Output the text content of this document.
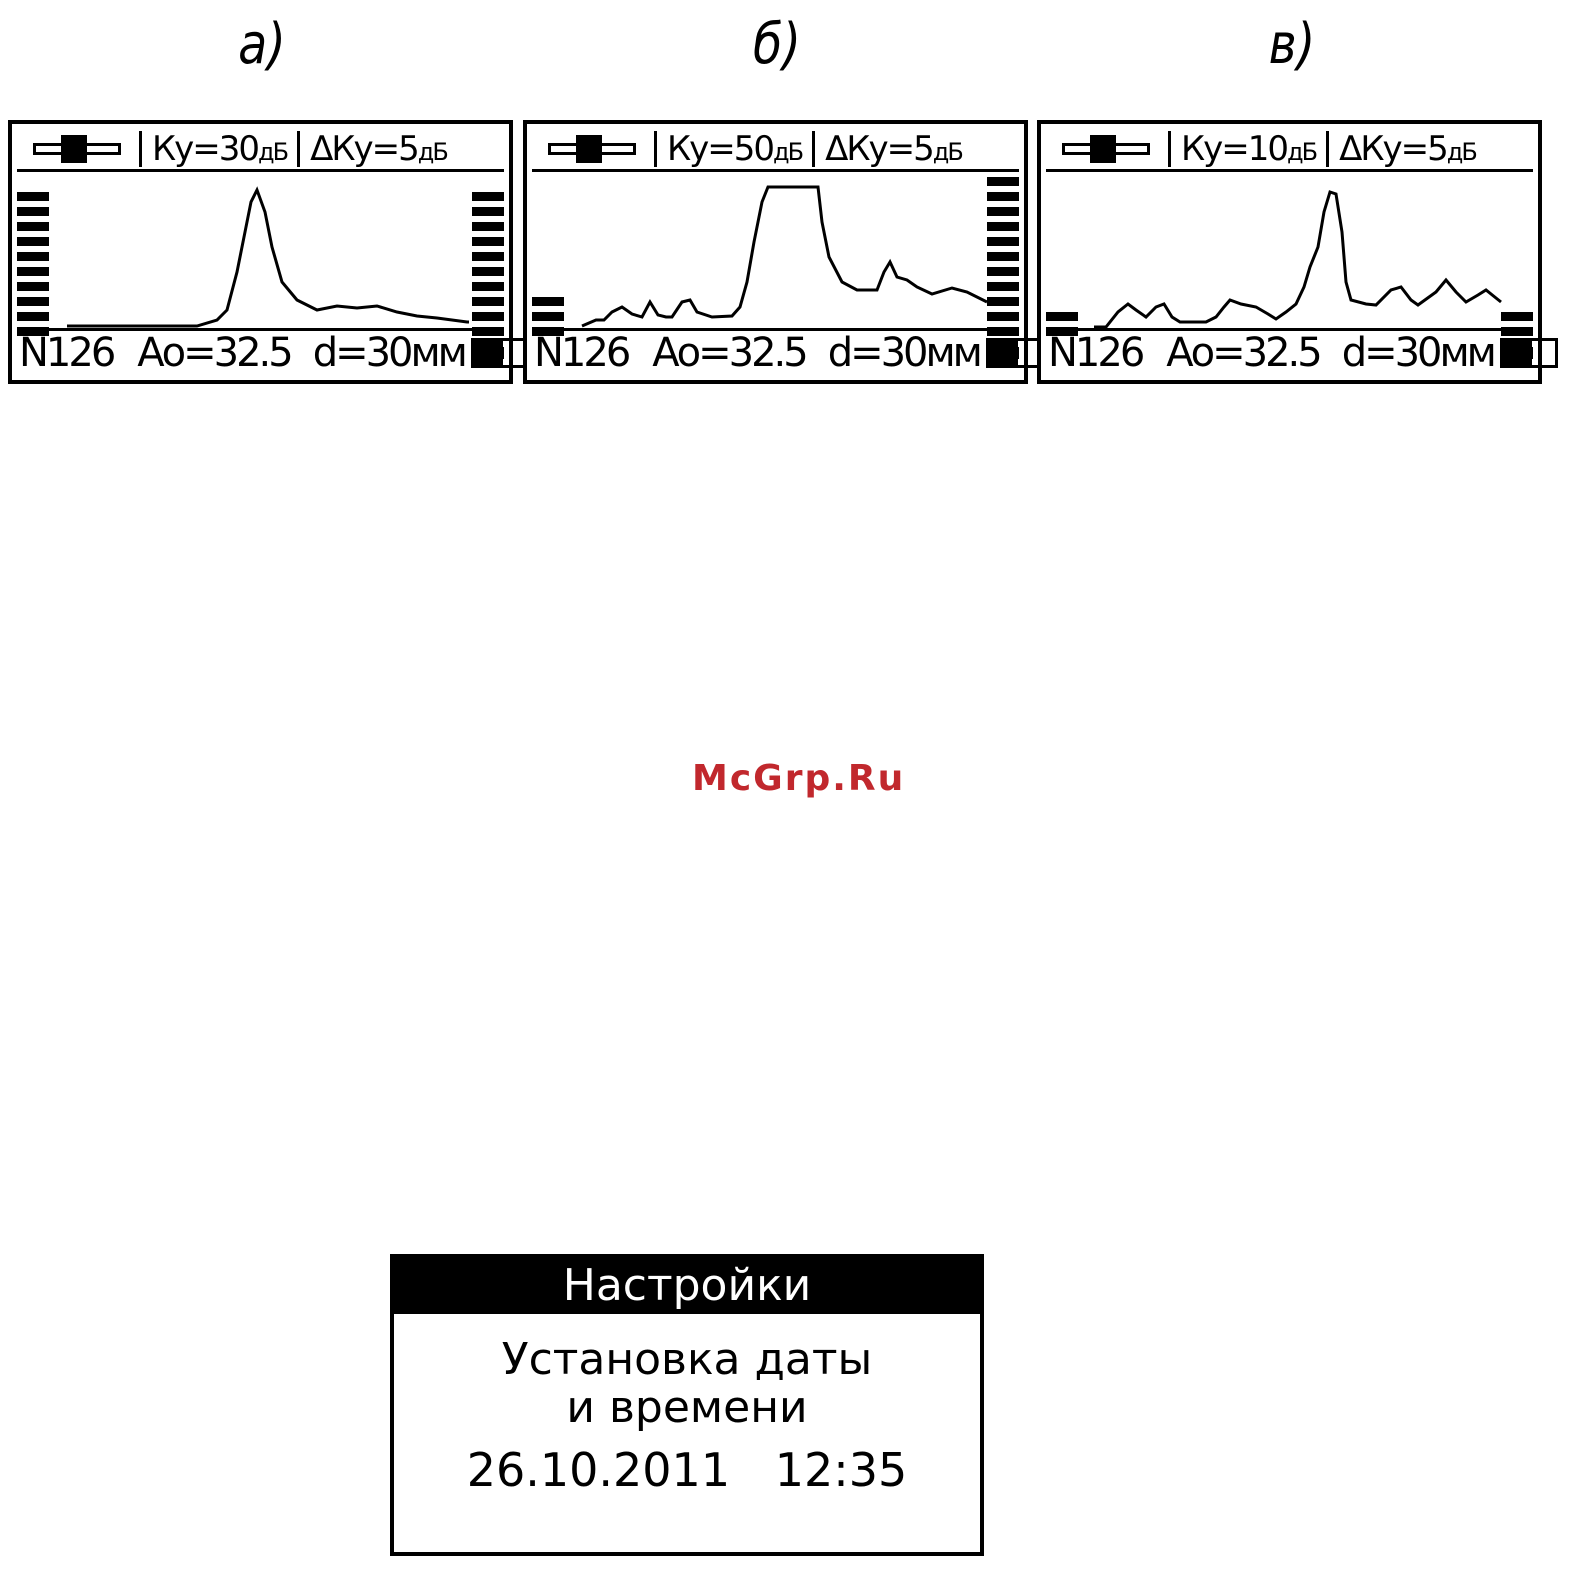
а)	б)	в)
Ку=30дБ ΔКу=5дБ
N126 Ао=32.5 d=30мм
Ку=50дБ ΔКу=5дБ
N126 Ао=32.5 d=30мм
Ку=10дБ ΔКу=5дБ
N126 Ао=32.5 d=30мм
McGrp.Ru
Настройки
Установка даты
и времени
26.10.2011 12:35
